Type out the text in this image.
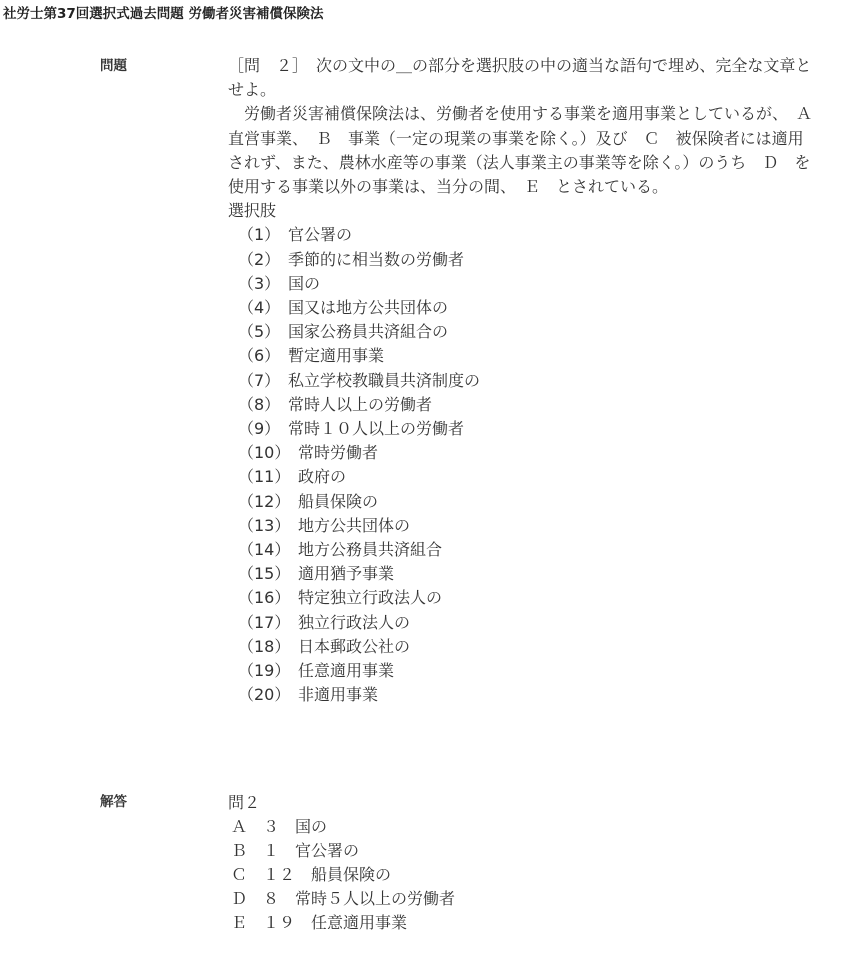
社労士第37回選択式過去問題 労働者災害補償保険法
問題	［問　２］　次の文中の＿の部分を選択肢の中の適当な語句で埋め、完全な文章とせよ。

労働者災害補償保険法は、労働者を使用する事業を適用事業としているが、　Ａ　直営事業、　Ｂ　事業（一定の現業の事業を除く。）及び　Ｃ　被保険者には適用されず、また、農林水産等の事業（法人事業主の事業等を除く。）のうち　Ｄ　を使用する事業以外の事業は、当分の間、　Ｅ　とされている。

選択肢

（1） 官公署の
（2） 季節的に相当数の労働者
（3） 国の
（4） 国又は地方公共団体の
（5） 国家公務員共済組合の
（6） 暫定適用事業
（7） 私立学校教職員共済制度の
（8） 常時人以上の労働者
（9） 常時１０人以上の労働者
（10） 常時労働者
（11） 政府の
（12） 船員保険の
（13） 地方公共団体の
（14） 地方公務員共済組合
（15） 適用猶予事業
（16） 特定独立行政法人の
（17） 独立行政法人の
（18） 日本郵政公社の
（19） 任意適用事業
（20） 非適用事業
解答	問２

Ａ　３　国の
Ｂ　１　官公署の
Ｃ　１２　船員保険の
Ｄ　８　常時５人以上の労働者
Ｅ　１９　任意適用事業
